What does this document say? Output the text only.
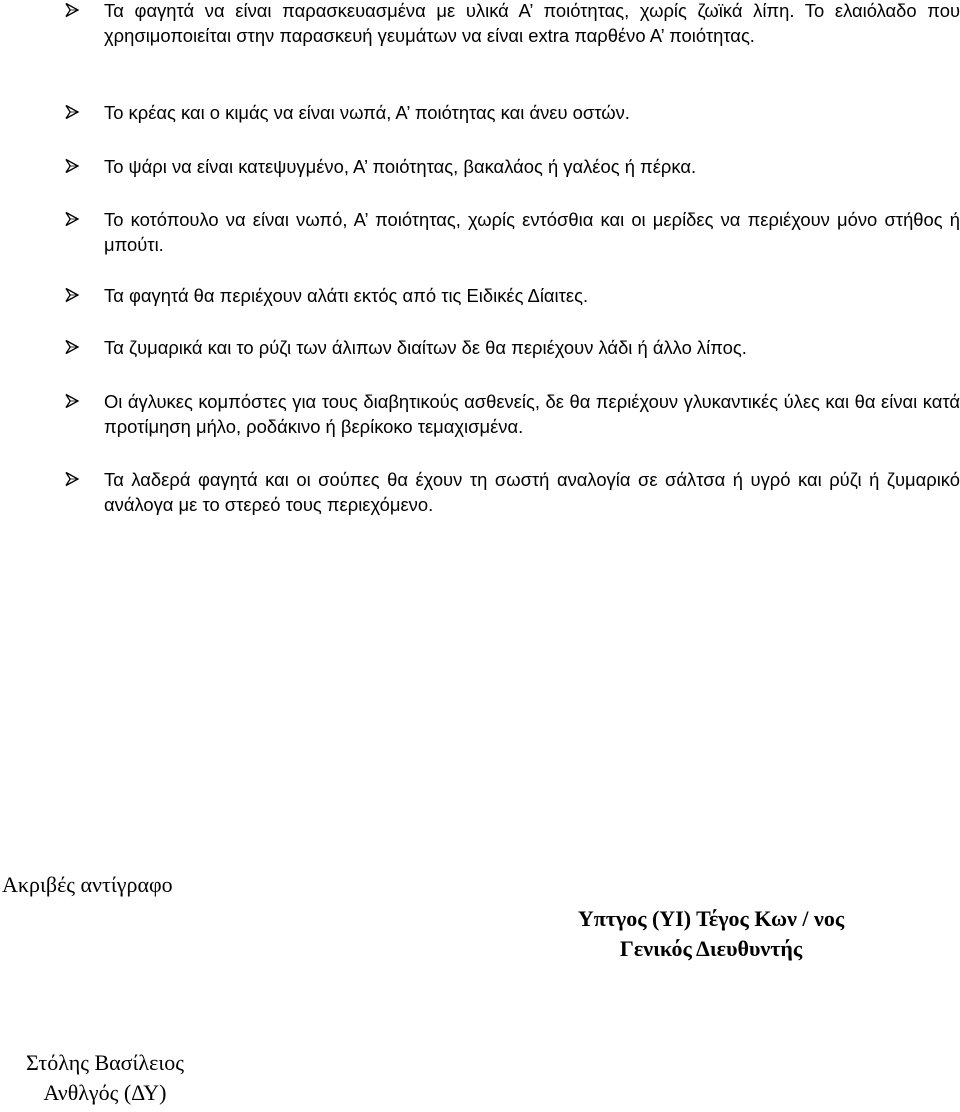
Τα φαγητά να είναι παρασκευασμένα με υλικά Α’ ποιότητας, χωρίς ζωϊκά λίπη. Το ελαιόλαδο που χρησιμοποιείται στην παρασκευή γευμάτων να είναι extra παρθένο Α’ ποιότητας.

Το κρέας και ο κιμάς να είναι νωπά, Α’ ποιότητας και άνευ οστών.

Το ψάρι να είναι κατεψυγμένο, Α’ ποιότητας, βακαλάος ή γαλέος ή πέρκα.

Το κοτόπουλο να είναι νωπό, Α’ ποιότητας, χωρίς εντόσθια και οι μερίδες να περιέχουν μόνο στήθος ή μπούτι.

Τα φαγητά θα περιέχουν αλάτι εκτός από τις Ειδικές Δίαιτες.

Τα ζυμαρικά και το ρύζι των άλιπων διαίτων δε θα περιέχουν λάδι ή άλλο λίπος.

Οι άγλυκες κομπόστες για τους διαβητικούς ασθενείς, δε θα περιέχουν γλυκαντικές ύλες και θα είναι κατά προτίμηση μήλο, ροδάκινο ή βερίκοκο τεμαχισμένα.

Τα λαδερά φαγητά και οι σούπες θα έχουν τη σωστή αναλογία σε σάλτσα ή υγρό και ρύζι ή ζυμαρικό ανάλογα με το στερεό τους περιεχόμενο.

Ακριβές αντίγραφο

Υπτγος (ΥΙ) Τέγος Κων / νος
Γενικός Διευθυντής
Στόλης Βασίλειος
Ανθλγός (ΔΥ)
